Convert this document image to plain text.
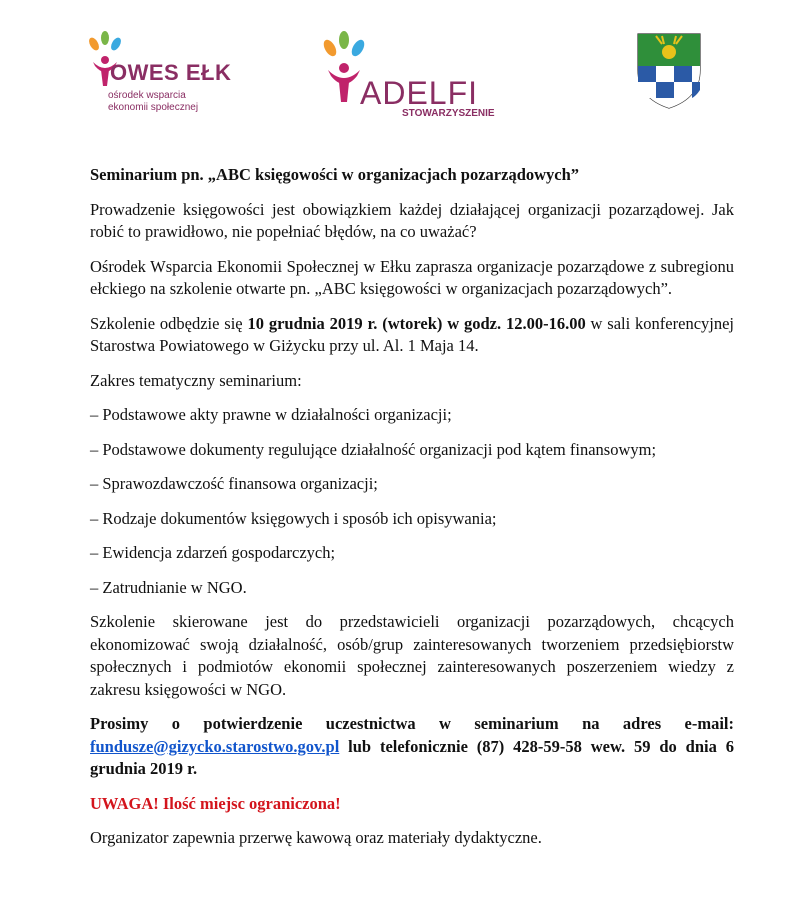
OWES EŁK
ośrodek wsparcia
ekonomii społecznej	ADELFI
STOWARZYSZENIE

Seminarium pn. „ABC księgowości w organizacjach pozarządowych”

Prowadzenie księgowości jest obowiązkiem każdej działającej organizacji pozarządowej. Jak robić to prawidłowo, nie popełniać błędów, na co uważać?

Ośrodek Wsparcia Ekonomii Społecznej w Ełku zaprasza organizacje pozarządowe z subregionu ełckiego na szkolenie otwarte pn. „ABC księgowości w organizacjach pozarządowych”.

Szkolenie odbędzie się 10 grudnia 2019 r. (wtorek) w godz. 12.00-16.00 w sali konferencyjnej Starostwa Powiatowego w Giżycku przy ul. Al. 1 Maja 14.

Zakres tematyczny seminarium:

– Podstawowe akty prawne w działalności organizacji;
– Podstawowe dokumenty regulujące działalność organizacji pod kątem finansowym;
– Sprawozdawczość finansowa organizacji;
– Rodzaje dokumentów księgowych i sposób ich opisywania;
– Ewidencja zdarzeń gospodarczych;
– Zatrudnianie w NGO.

Szkolenie skierowane jest do przedstawicieli organizacji pozarządowych, chcących ekonomizować swoją działalność, osób/grup zainteresowanych tworzeniem przedsiębiorstw społecznych i podmiotów ekonomii społecznej zainteresowanych poszerzeniem wiedzy z zakresu księgowości w NGO.

Prosimy o potwierdzenie uczestnictwa w seminarium na adres e-mail: fundusze@gizycko.starostwo.gov.pl lub telefonicznie (87) 428-59-58 wew. 59 do dnia 6 grudnia 2019 r.

UWAGA! Ilość miejsc ograniczona!

Organizator zapewnia przerwę kawową oraz materiały dydaktyczne.
